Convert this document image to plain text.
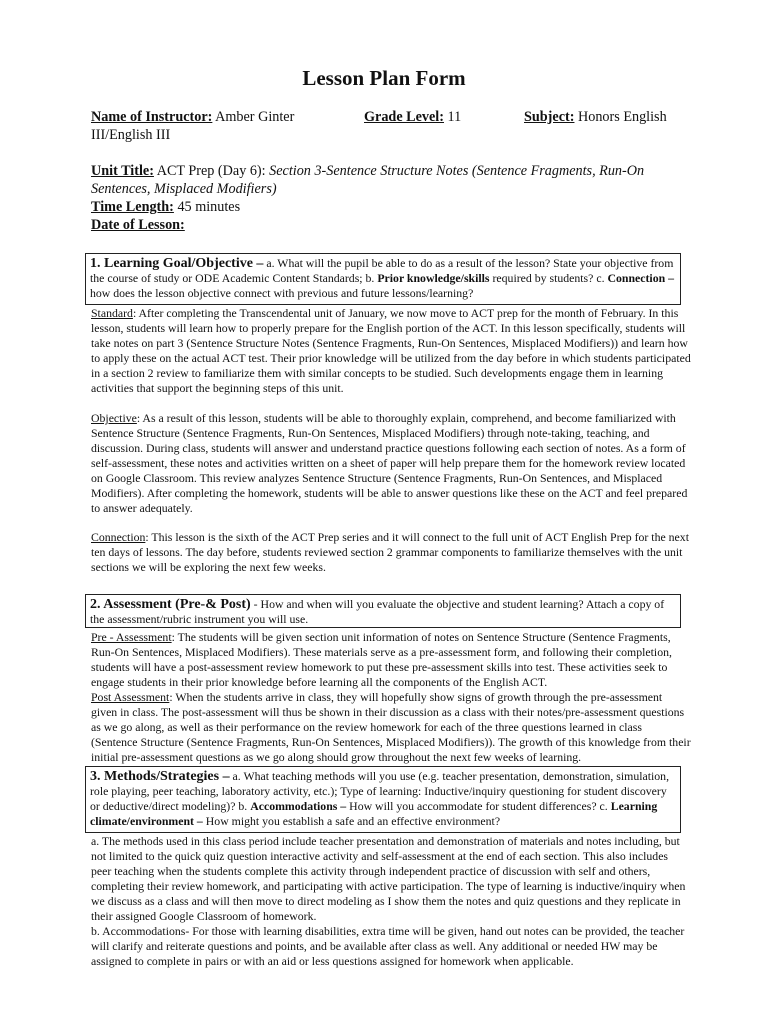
Lesson Plan Form
Name of Instructor: Amber Ginter	Grade Level: 11	Subject: Honors English
III/English III
Unit Title: ACT Prep (Day 6): Section 3-Sentence Structure Notes (Sentence Fragments, Run-On
Sentences, Misplaced Modifiers)
Time Length: 45 minutes
Date of Lesson:
1. Learning Goal/Objective – a. What will the pupil be able to do as a result of the lesson? State your objective from the course of study or ODE Academic Content Standards; b. Prior knowledge/skills required by students? c. Connection – how does the lesson objective connect with previous and future lessons/learning?

Standard: After completing the Transcendental unit of January, we now move to ACT prep for the month of February. In this lesson, students will learn how to properly prepare for the English portion of the ACT. In this lesson specifically, students will take notes on part 3 (Sentence Structure Notes (Sentence Fragments, Run-On Sentences, Misplaced Modifiers)) and learn how to apply these on the actual ACT test. Their prior knowledge will be utilized from the day before in which students participated in a section 2 review to familiarize them with similar concepts to be studied. Such developments engage them in learning activities that support the beginning steps of this unit.

Objective: As a result of this lesson, students will be able to thoroughly explain, comprehend, and become familiarized with Sentence Structure (Sentence Fragments, Run-On Sentences, Misplaced Modifiers) through note-taking, teaching, and discussion. During class, students will answer and understand practice questions following each section of notes. As a form of self-assessment, these notes and activities written on a sheet of paper will help prepare them for the homework review located on Google Classroom. This review analyzes Sentence Structure (Sentence Fragments, Run-On Sentences, and Misplaced Modifiers). After completing the homework, students will be able to answer questions like these on the ACT and feel prepared to answer adequately.

Connection: This lesson is the sixth of the ACT Prep series and it will connect to the full unit of ACT English Prep for the next ten days of lessons. The day before, students reviewed section 2 grammar components to familiarize themselves with the unit sections we will be exploring the next few weeks.

2. Assessment (Pre-& Post) - How and when will you evaluate the objective and student learning? Attach a copy of the assessment/rubric instrument you will use.

Pre - Assessment: The students will be given section unit information of notes on Sentence Structure (Sentence Fragments, Run-On Sentences, Misplaced Modifiers). These materials serve as a pre-assessment form, and following their completion, students will have a post-assessment review homework to put these pre-assessment skills into test. These activities seek to engage students in their prior knowledge before learning all the components of the English ACT.

Post Assessment: When the students arrive in class, they will hopefully show signs of growth through the pre-assessment given in class. The post-assessment will thus be shown in their discussion as a class with their notes/pre-assessment questions as we go along, as well as their performance on the review homework for each of the three questions learned in class (Sentence Structure (Sentence Fragments, Run-On Sentences, Misplaced Modifiers)). The growth of this knowledge from their initial pre-assessment questions as we go along should grow throughout the next few weeks of learning.

3. Methods/Strategies – a. What teaching methods will you use (e.g. teacher presentation, demonstration, simulation, role playing, peer teaching, laboratory activity, etc.); Type of learning: Inductive/inquiry questioning for student discovery or deductive/direct modeling)? b. Accommodations – How will you accommodate for student differences? c. Learning climate/environment – How might you establish a safe and an effective environment?

a. The methods used in this class period include teacher presentation and demonstration of materials and notes including, but not limited to the quick quiz question interactive activity and self-assessment at the end of each section. This also includes peer teaching when the students complete this activity through independent practice of discussion with self and others, completing their review homework, and participating with active participation. The type of learning is inductive/inquiry when we discuss as a class and will then move to direct modeling as I show them the notes and quiz questions and they replicate in their assigned Google Classroom of homework.

b. Accommodations- For those with learning disabilities, extra time will be given, hand out notes can be provided, the teacher will clarify and reiterate questions and points, and be available after class as well. Any additional or needed HW may be assigned to complete in pairs or with an aid or less questions assigned for homework when applicable.
